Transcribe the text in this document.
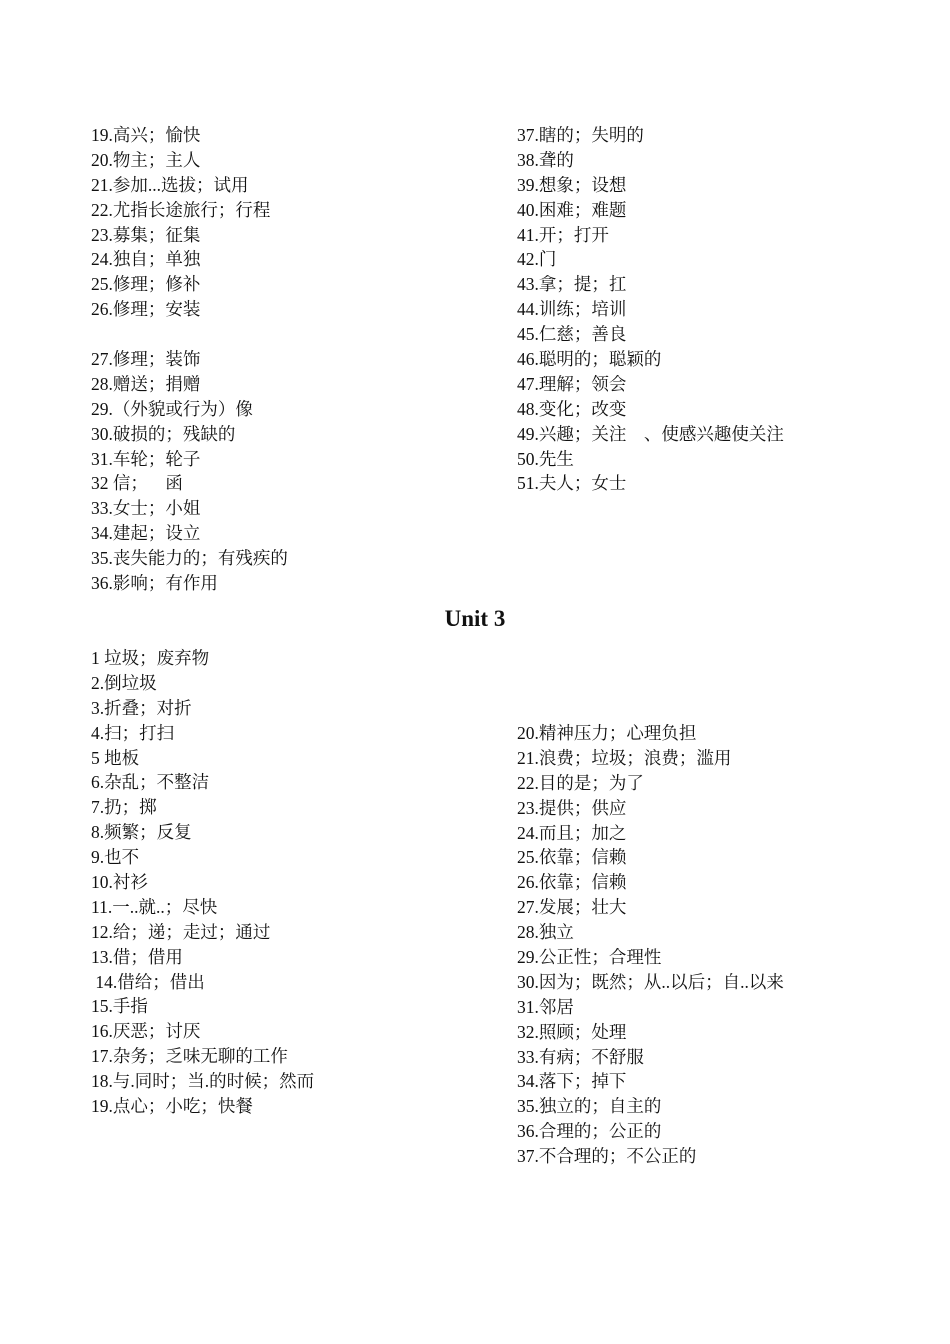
19.高兴；愉快
20.物主；主人
21.参加...选拔；试用
22.尤指长途旅行；行程
23.募集；征集
24.独自；单独
25.修理；修补
26.修理；安装
27.修理；装饰
28.赠送；捐赠
29.（外貌或行为）像
30.破损的；残缺的
31.车轮；轮子
32 信；    函
33.女士；小姐
34.建起；设立
35.丧失能力的；有残疾的
36.影响；有作用
37.瞎的；失明的
38.聋的
39.想象；设想
40.困难；难题
41.开；打开
42.门
43.拿；提；扛
44.训练；培训
45.仁慈；善良
46.聪明的；聪颖的
47.理解；领会
48.变化；改变
49.兴趣；关注    、使感兴趣使关注
50.先生
51.夫人；女士
Unit 3
1 垃圾；废弃物
2.倒垃圾
3.折叠；对折
4.扫；打扫
5 地板
6.杂乱；不整洁
7.扔；掷
8.频繁；反复
9.也不
10.衬衫
11.一..就..；尽快
12.给；递；走过；通过
13.借；借用
14.借给；借出
15.手指
16.厌恶；讨厌
17.杂务；乏味无聊的工作
18.与.同时；当.的时候；然而
19.点心；小吃；快餐
20.精神压力；心理负担
21.浪费；垃圾；浪费；滥用
22.目的是；为了
23.提供；供应
24.而且；加之
25.依靠；信赖
26.依靠；信赖
27.发展；壮大
28.独立
29.公正性；合理性
30.因为；既然；从..以后；自..以来
31.邻居
32.照顾；处理
33.有病；不舒服
34.落下；掉下
35.独立的；自主的
36.合理的；公正的
37.不合理的；不公正的
